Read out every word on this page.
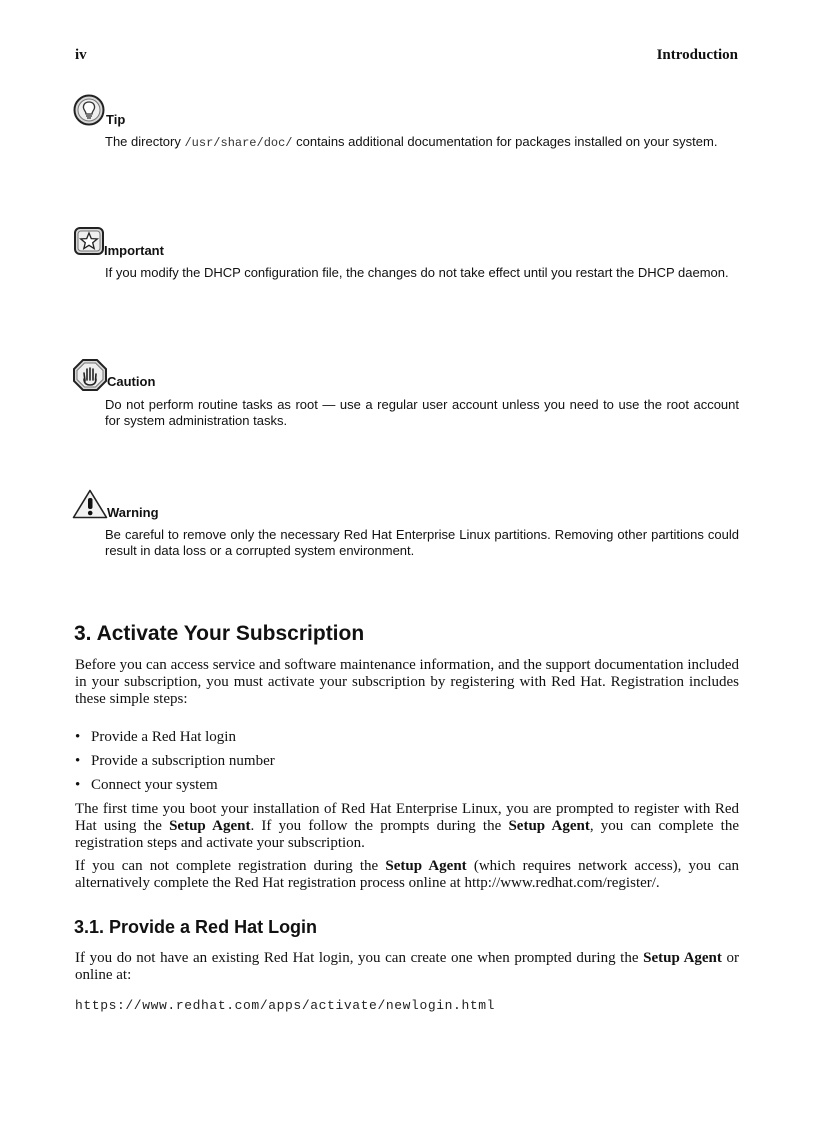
iv	Introduction
Tip
The directory /usr/share/doc/ contains additional documentation for packages installed on your system.
Important
If you modify the DHCP configuration file, the changes do not take effect until you restart the DHCP daemon.
Caution
Do not perform routine tasks as root — use a regular user account unless you need to use the root account for system administration tasks.
Warning
Be careful to remove only the necessary Red Hat Enterprise Linux partitions. Removing other partitions could result in data loss or a corrupted system environment.
3. Activate Your Subscription

Before you can access service and software maintenance information, and the support documentation included in your subscription, you must activate your subscription by registering with Red Hat. Registration includes these simple steps:

• Provide a Red Hat login
• Provide a subscription number
• Connect your system

The first time you boot your installation of Red Hat Enterprise Linux, you are prompted to register with Red Hat using the Setup Agent. If you follow the prompts during the Setup Agent, you can complete the registration steps and activate your subscription.

If you can not complete registration during the Setup Agent (which requires network access), you can alternatively complete the Red Hat registration process online at http://www.redhat.com/register/.

3.1. Provide a Red Hat Login

If you do not have an existing Red Hat login, you can create one when prompted during the Setup Agent or online at:

https://www.redhat.com/apps/activate/newlogin.html
